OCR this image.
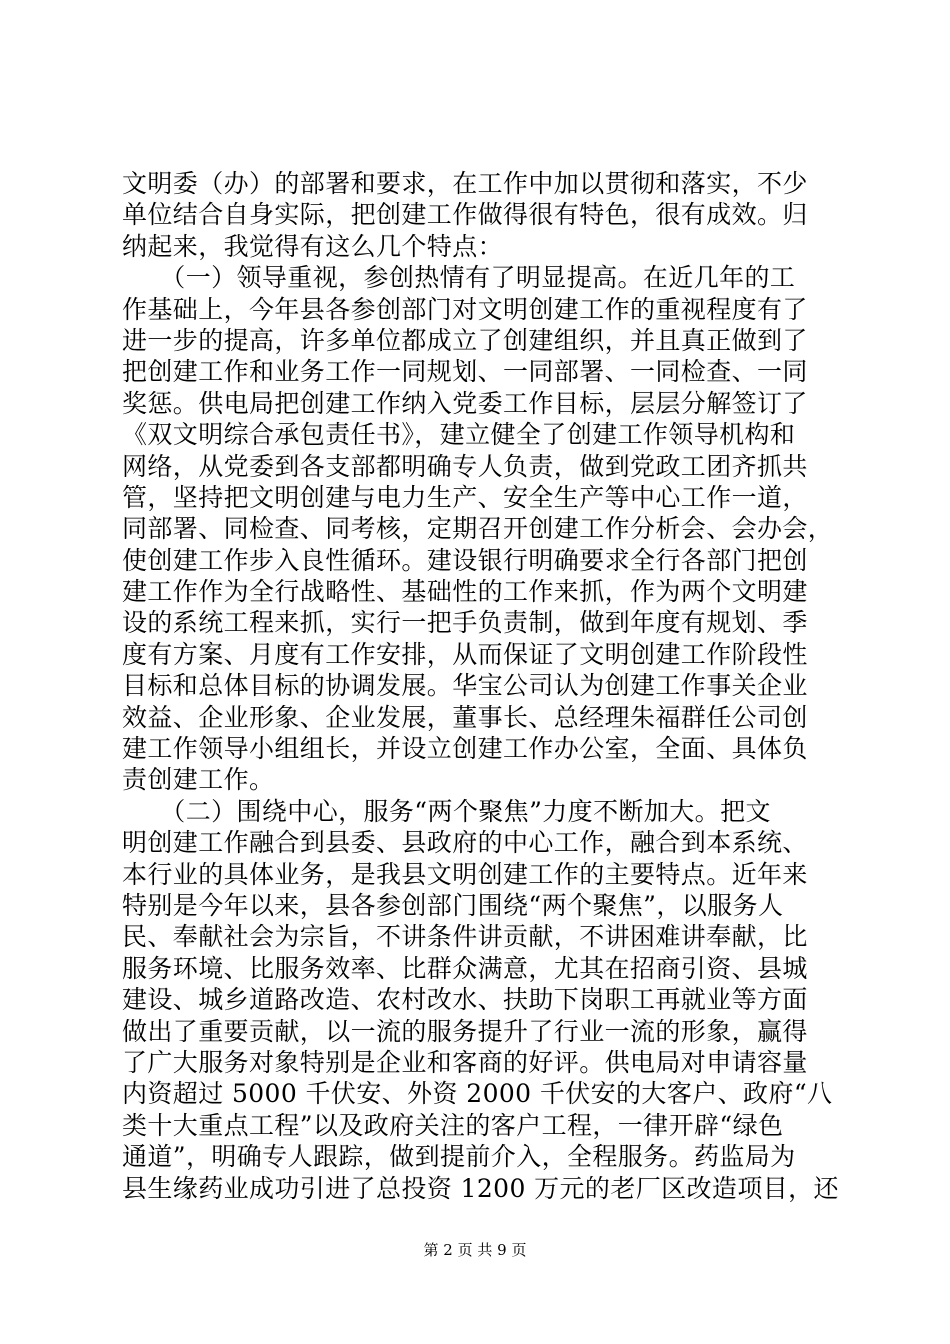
文明委（办）的部署和要求，在工作中加以贯彻和落实，不少
单位结合自身实际，把创建工作做得很有特色，很有成效。归
纳起来，我觉得有这么几个特点：
　　（一）领导重视，参创热情有了明显提高。在近几年的工
作基础上，今年县各参创部门对文明创建工作的重视程度有了
进一步的提高，许多单位都成立了创建组织，并且真正做到了
把创建工作和业务工作一同规划、一同部署、一同检查、一同
奖惩。供电局把创建工作纳入党委工作目标，层层分解签订了
《双文明综合承包责任书》，建立健全了创建工作领导机构和
网络，从党委到各支部都明确专人负责，做到党政工团齐抓共
管，坚持把文明创建与电力生产、安全生产等中心工作一道，
同部署、同检查、同考核，定期召开创建工作分析会、会办会，
使创建工作步入良性循环。建设银行明确要求全行各部门把创
建工作作为全行战略性、基础性的工作来抓，作为两个文明建
设的系统工程来抓，实行一把手负责制，做到年度有规划、季
度有方案、月度有工作安排，从而保证了文明创建工作阶段性
目标和总体目标的协调发展。华宝公司认为创建工作事关企业
效益、企业形象、企业发展，董事长、总经理朱福群任公司创
建工作领导小组组长，并设立创建工作办公室，全面、具体负
责创建工作。
　　（二）围绕中心，服务“两个聚焦”力度不断加大。把文
明创建工作融合到县委、县政府的中心工作，融合到本系统、
本行业的具体业务，是我县文明创建工作的主要特点。近年来
特别是今年以来，县各参创部门围绕“两个聚焦”，以服务人
民、奉献社会为宗旨，不讲条件讲贡献，不讲困难讲奉献，比
服务环境、比服务效率、比群众满意，尤其在招商引资、县城
建设、城乡道路改造、农村改水、扶助下岗职工再就业等方面
做出了重要贡献，以一流的服务提升了行业一流的形象，赢得
了广大服务对象特别是企业和客商的好评。供电局对申请容量
内资超过 5000 千伏安、外资 2000 千伏安的大客户、政府“八
类十大重点工程”以及政府关注的客户工程，一律开辟“绿色
通道”，明确专人跟踪，做到提前介入，全程服务。药监局为
县生缘药业成功引进了总投资 1200 万元的老厂区改造项目，还
第 2 页 共 9 页
